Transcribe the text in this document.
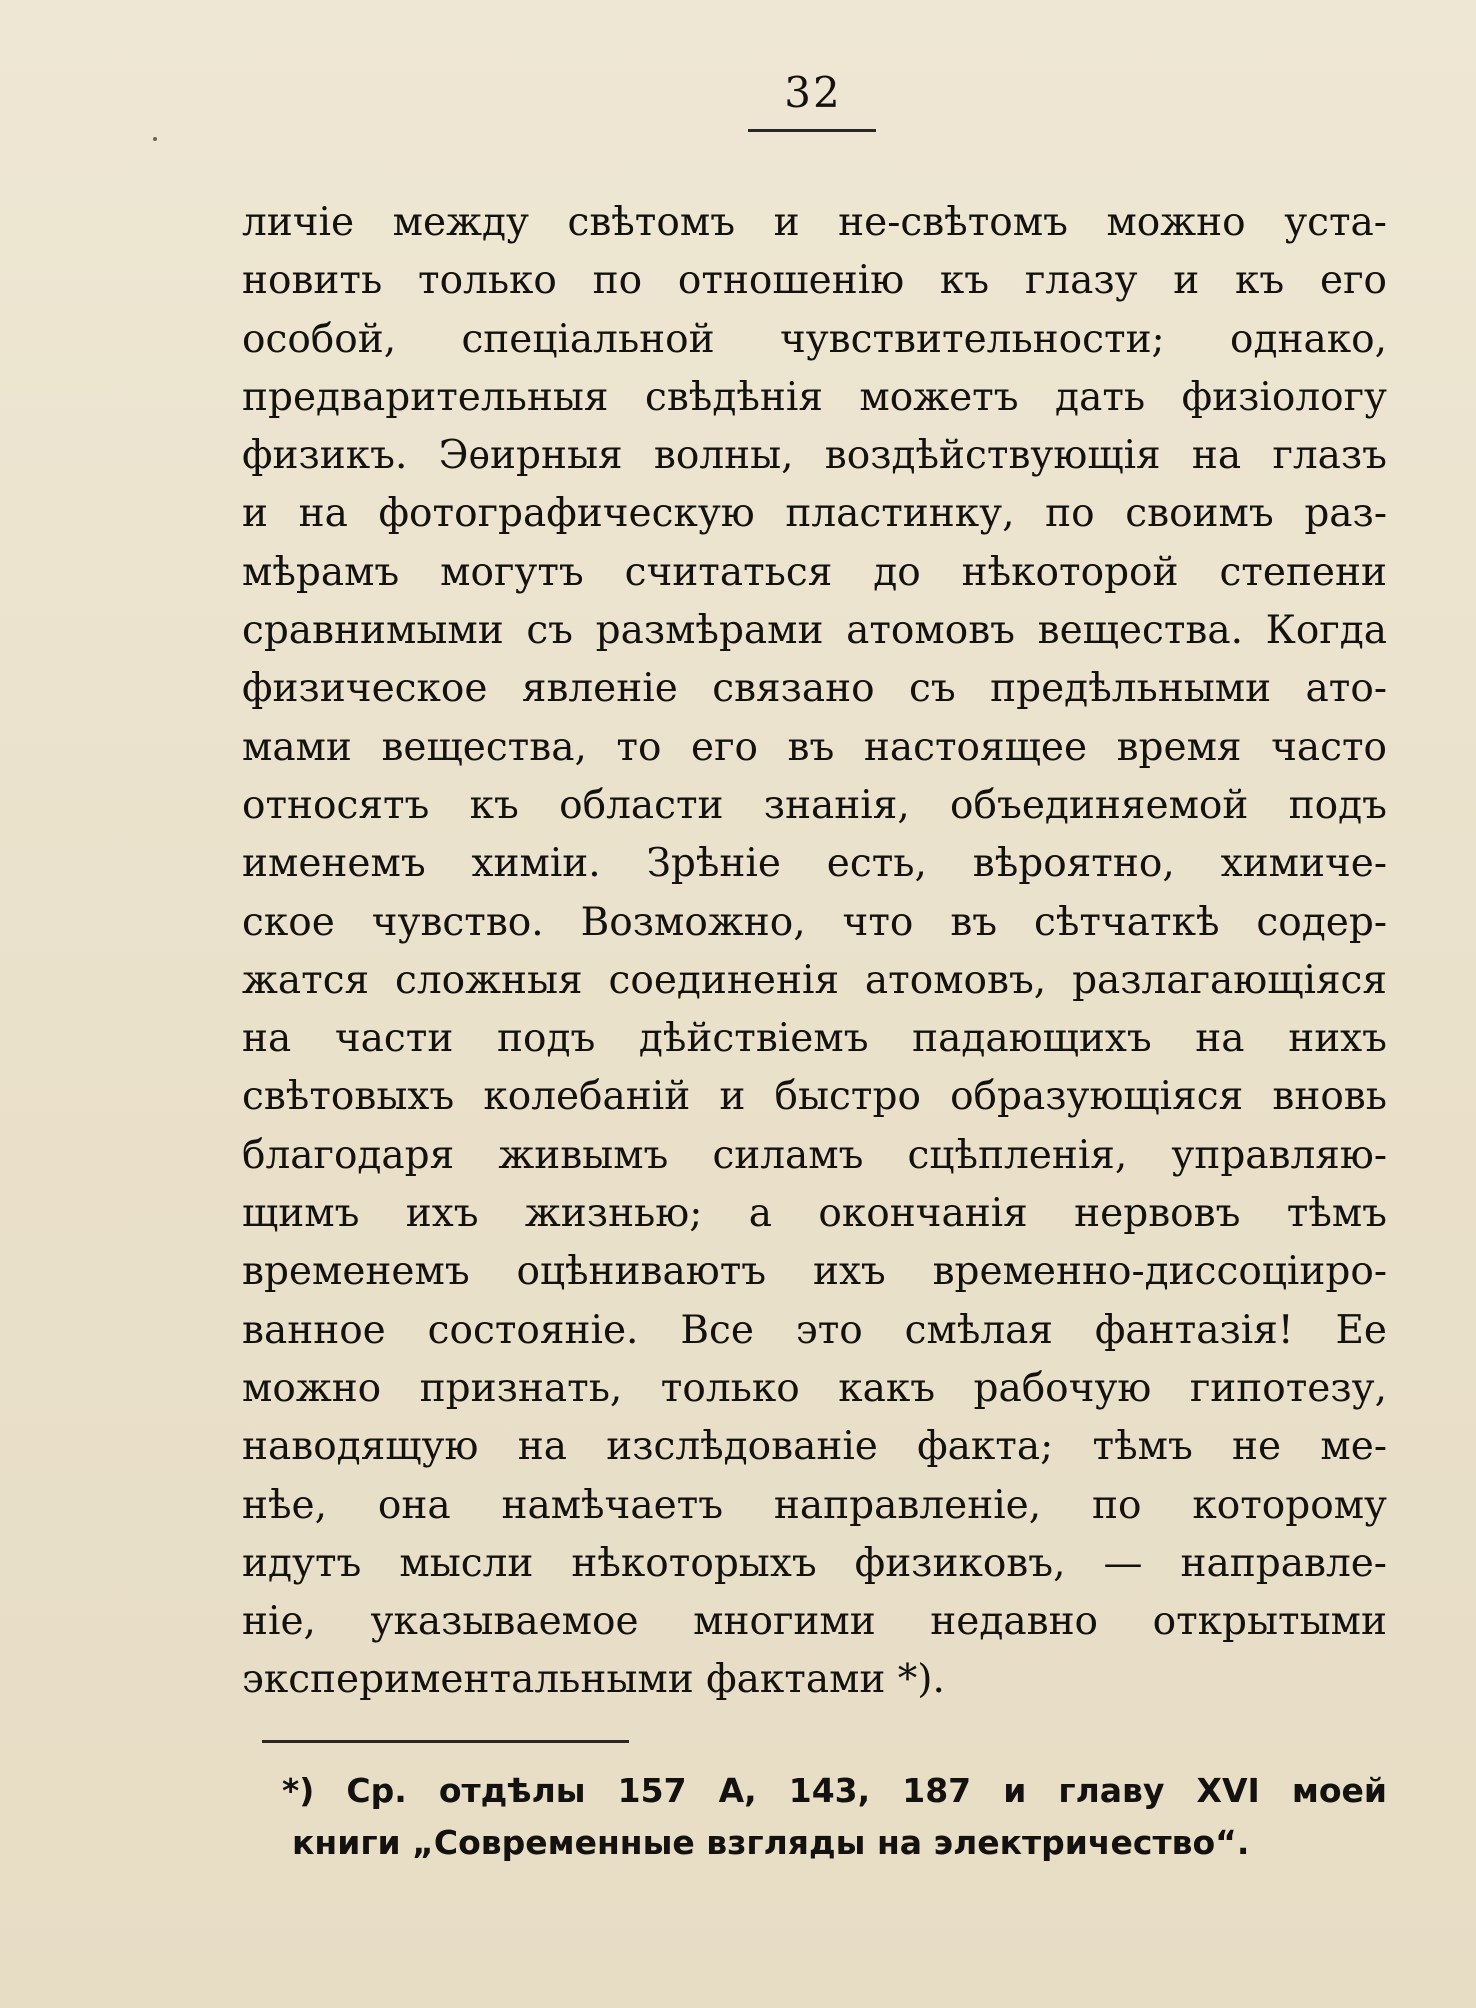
32
личіе между свѣтомъ и не-свѣтомъ можно уста-
новить только по отношенію къ глазу и къ его
особой, спеціальной чувствительности; однако,
предварительныя свѣдѣнія можетъ дать физіологу
физикъ. Эѳирныя волны, воздѣйствующія на глазъ
и на фотографическую пластинку, по своимъ раз-
мѣрамъ могутъ считаться до нѣкоторой степени
сравнимыми съ размѣрами атомовъ вещества. Когда
физическое явленіе связано съ предѣльными ато-
мами вещества, то его въ настоящее время часто
относятъ къ области знанія, объединяемой подъ
именемъ химіи. Зрѣніе есть, вѣроятно, химиче-
ское чувство. Возможно, что въ сѣтчаткѣ содер-
жатся сложныя соединенія атомовъ, разлагающіяся
на части подъ дѣйствіемъ падающихъ на нихъ
свѣтовыхъ колебаній и быстро образующіяся вновь
благодаря живымъ силамъ сцѣпленія, управляю-
щимъ ихъ жизнью; а окончанія нервовъ тѣмъ
временемъ оцѣниваютъ ихъ временно-диссоціиро-
ванное состояніе. Все это смѣлая фантазія! Ее
можно признать, только какъ рабочую гипотезу,
наводящую на изслѣдованіе факта; тѣмъ не ме-
нѣе, она намѣчаетъ направленіе, по которому
идутъ мысли нѣкоторыхъ физиковъ, — направле-
ніе, указываемое многими недавно открытыми
экспериментальными фактами *).
*) Ср. отдѣлы 157 А, 143, 187 и главу XVI моей
книги „Современные взгляды на электричество“.
